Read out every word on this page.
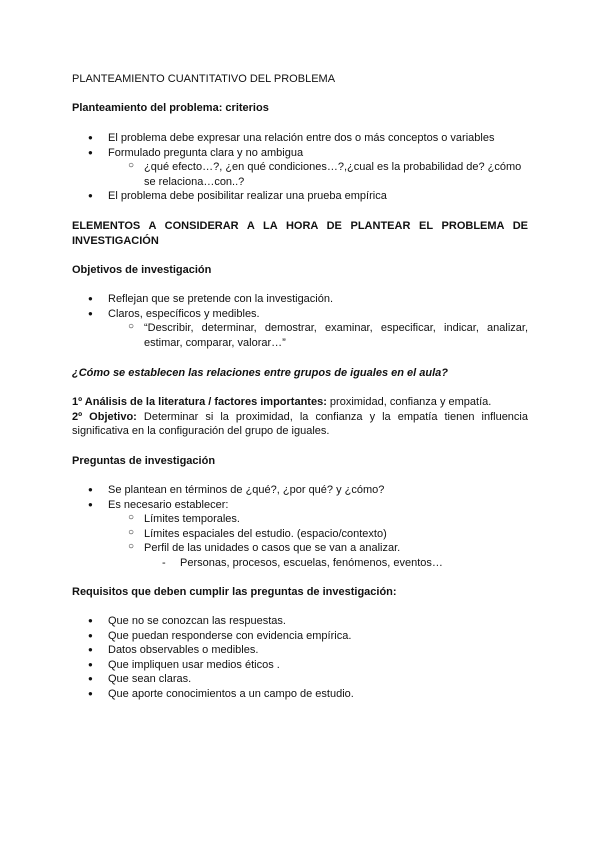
PLANTEAMIENTO CUANTITATIVO DEL PROBLEMA
Planteamiento del problema: criterios
● El problema debe expresar una relación entre dos o más conceptos o variables
● Formulado pregunta clara y no ambigua
○ ¿qué efecto…?, ¿en qué condiciones…?,¿cual es la probabilidad de? ¿cómo se relaciona…con..?
● El problema debe posibilitar realizar una prueba empírica
ELEMENTOS A CONSIDERAR A LA HORA DE PLANTEAR EL PROBLEMA DE INVESTIGACIÓN
Objetivos de investigación
● Reflejan que se pretende con la investigación.
● Claros, específicos y medibles.
○ “Describir, determinar, demostrar, examinar, especificar, indicar, analizar, estimar, comparar, valorar…”
¿Cómo se establecen las relaciones entre grupos de iguales en el aula?
1º Análisis de la literatura / factores importantes: proximidad, confianza y empatía.
2º Objetivo: Determinar si la proximidad, la confianza y la empatía tienen influencia significativa en la configuración del grupo de iguales.
Preguntas de investigación
● Se plantean en términos de ¿qué?, ¿por qué? y ¿cómo?
● Es necesario establecer:
○ Límites temporales.
○ Límites espaciales del estudio. (espacio/contexto)
○ Perfil de las unidades o casos que se van a analizar.
- Personas, procesos, escuelas, fenómenos, eventos…
Requisitos que deben cumplir las preguntas de investigación:
● Que no se conozcan las respuestas.
● Que puedan responderse con evidencia empírica.
● Datos observables o medibles.
● Que impliquen usar medios éticos .
● Que sean claras.
● Que aporte conocimientos a un campo de estudio.
